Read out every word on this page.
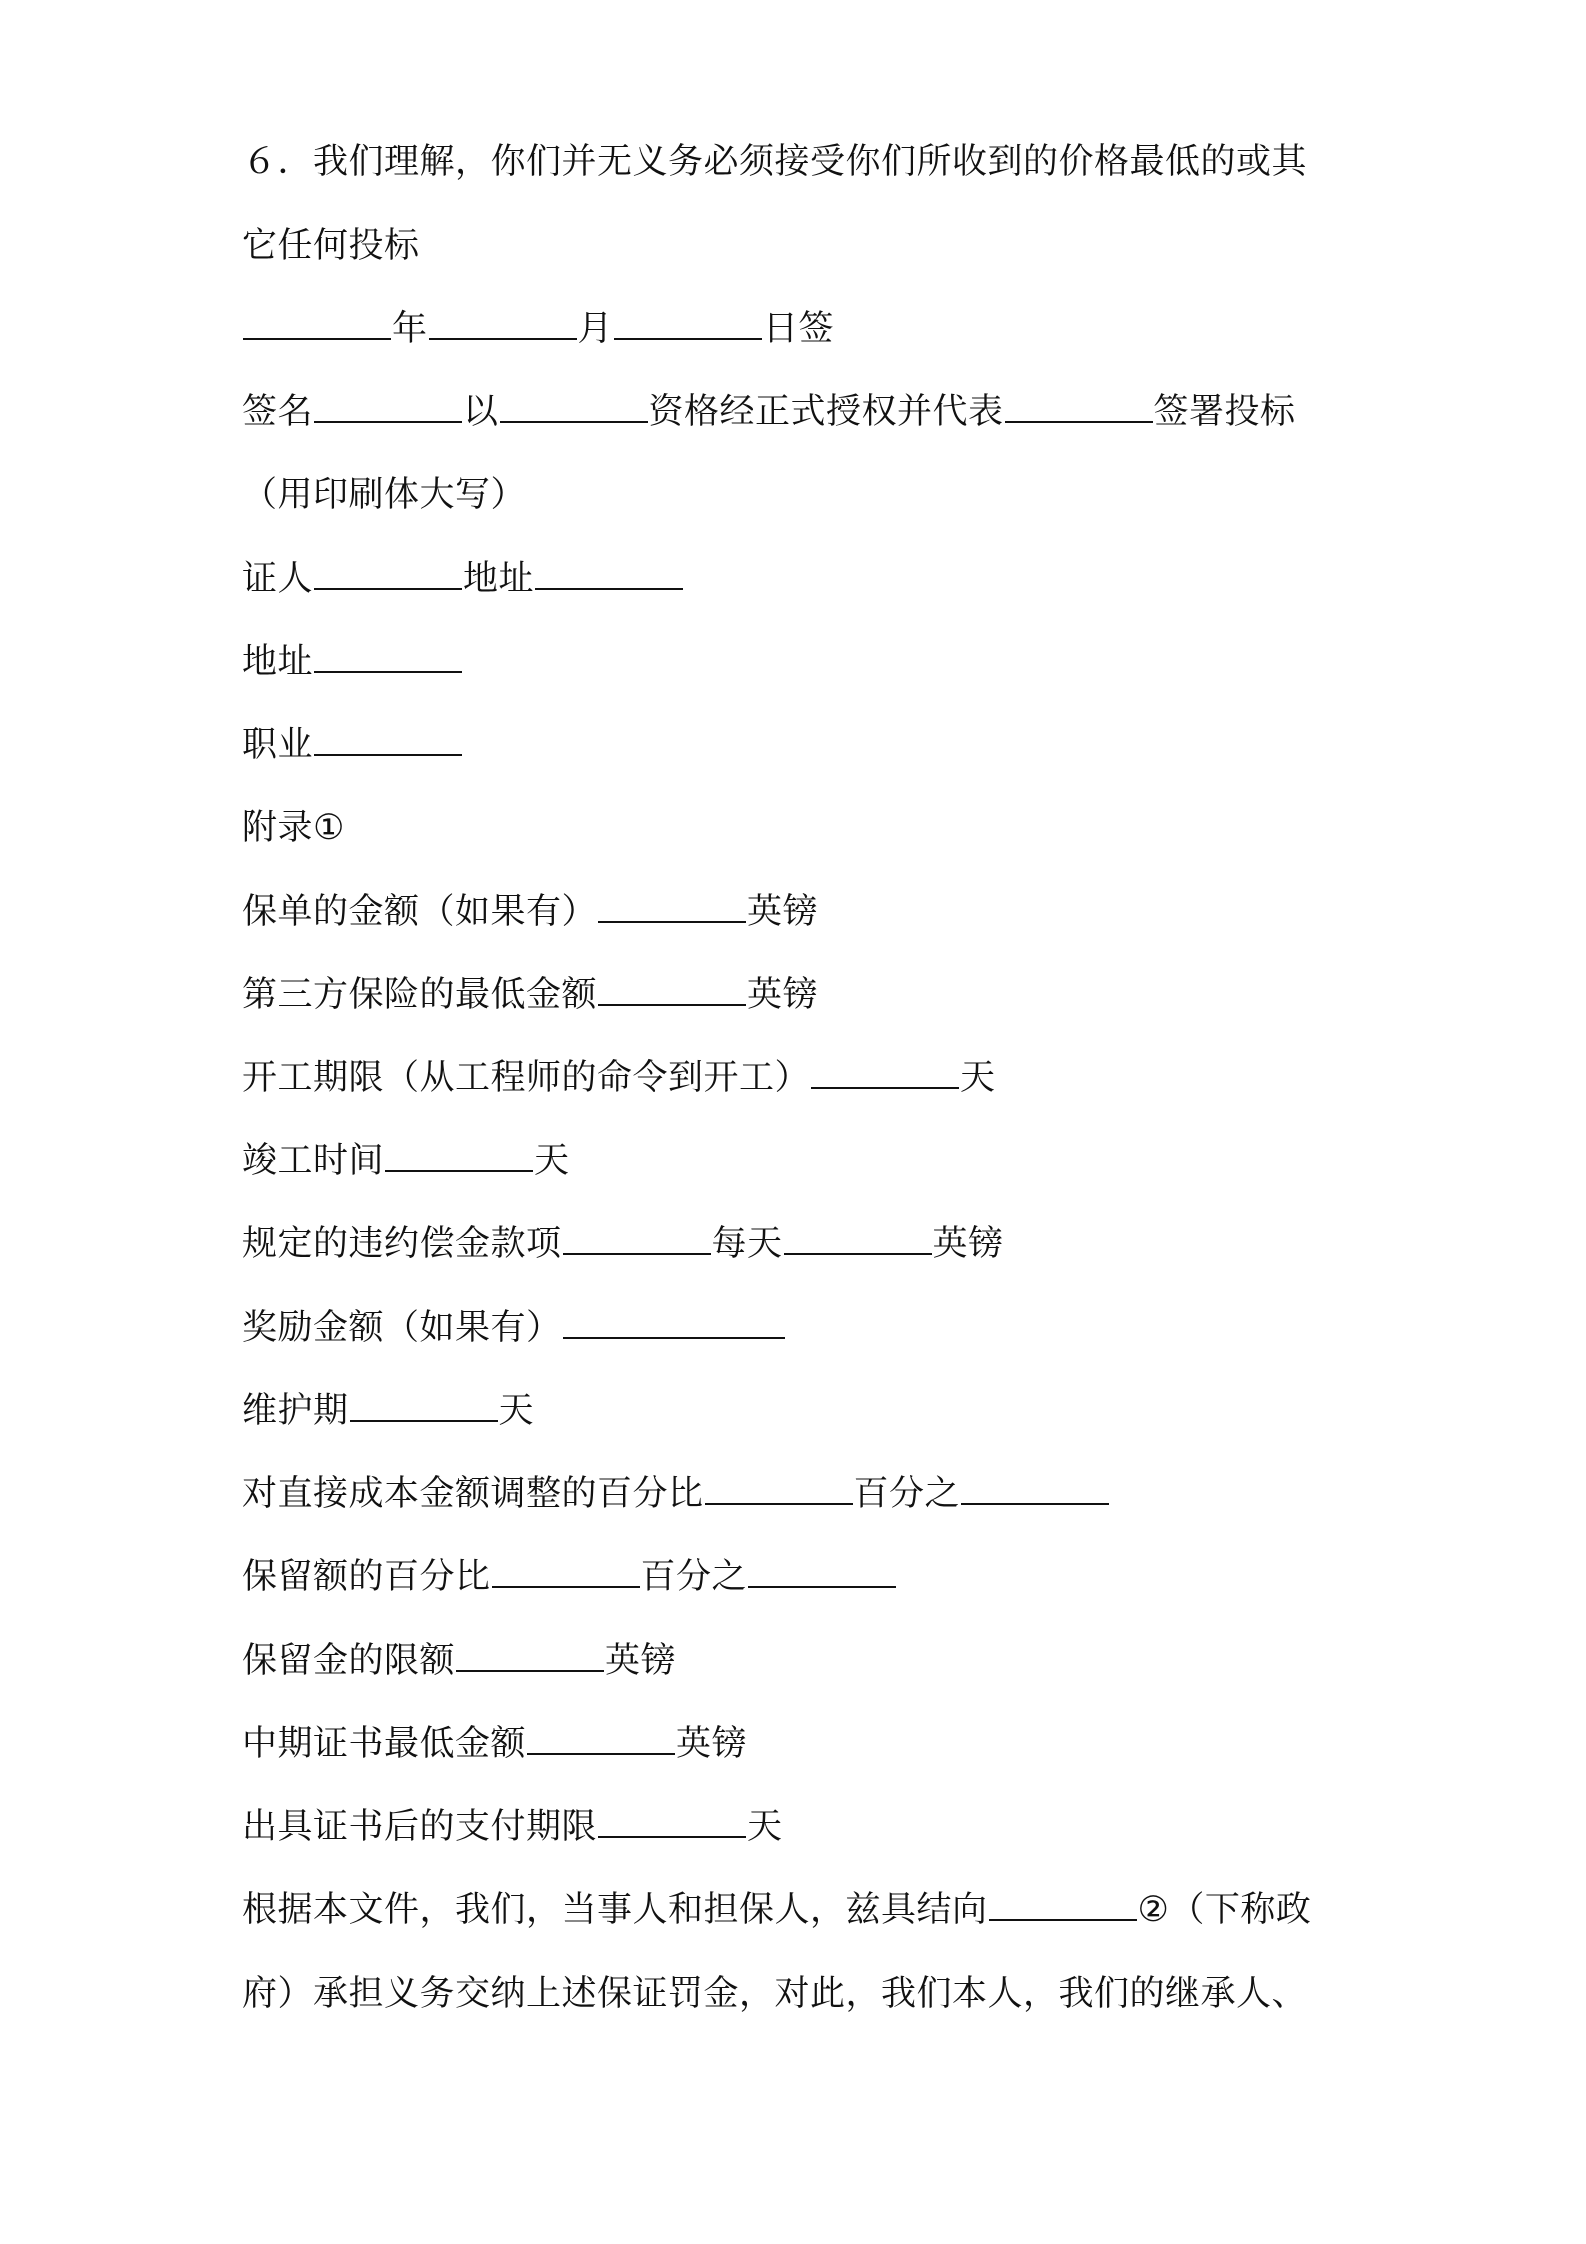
６．我们理解，你们并无义务必须接受你们所收到的价格最低的或其
它任何投标
年	月	日签
签名	以	资格经正式授权并代表	签署投标
（用印刷体大写）
证人	地址
地址
职业
附录①
保单的金额（如果有）	英镑
第三方保险的最低金额	英镑
开工期限（从工程师的命令到开工）	天
竣工时间	天
规定的违约偿金款项	每天	英镑
奖励金额（如果有）
维护期	天
对直接成本金额调整的百分比	百分之
保留额的百分比	百分之
保留金的限额	英镑
中期证书最低金额	英镑
出具证书后的支付期限	天
根据本文件，我们，当事人和担保人，兹具结向	②（下称政
府）承担义务交纳上述保证罚金，对此，我们本人，我们的继承人、
